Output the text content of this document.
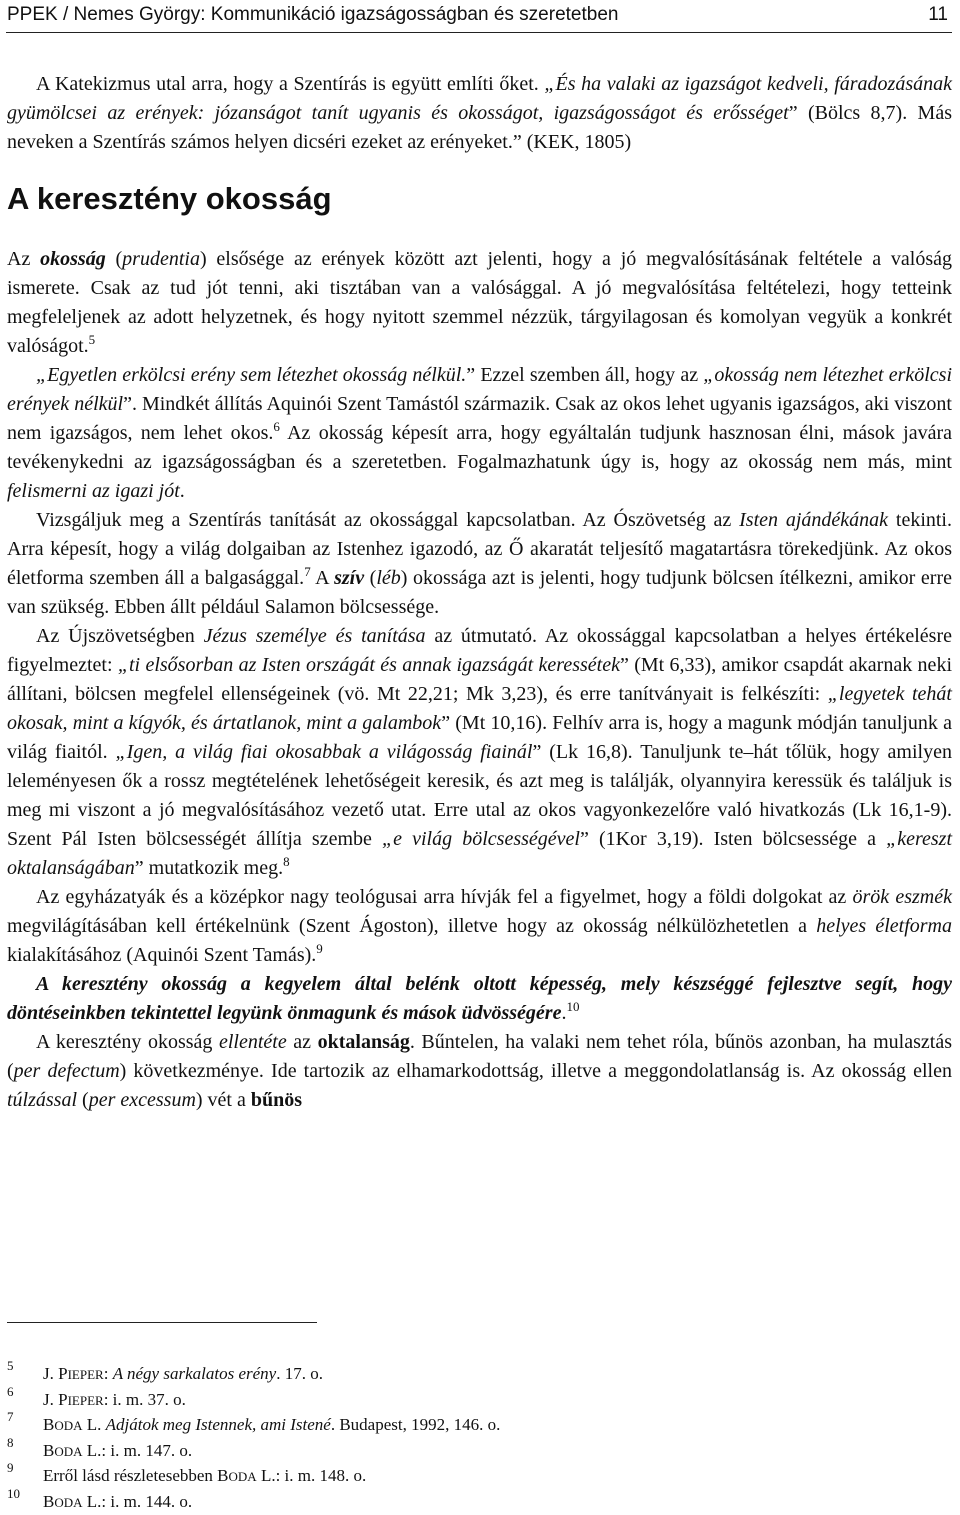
PPEK / Nemes György: Kommunikáció igazságosságban és szeretetben	11

A Katekizmus utal arra, hogy a Szentírás is együtt említi őket. „És ha valaki az igazságot kedveli, fáradozásának gyümölcsei az erények: józanságot tanít ugyanis és okosságot, igazságosságot és erősséget” (Bölcs 8,7). Más neveken a Szentírás számos helyen dicséri ezeket az erényeket.” (KEK, 1805)

A keresztény okosság

Az okosság (prudentia) elsősége az erények között azt jelenti, hogy a jó megvalósításának feltétele a valóság ismerete. Csak az tud jót tenni, aki tisztában van a valósággal. A jó megvalósítása feltételezi, hogy tetteink megfeleljenek az adott helyzetnek, és hogy nyitott szemmel nézzük, tárgyilagosan és komolyan vegyük a konkrét valóságot.$^5$

„Egyetlen erkölcsi erény sem létezhet okosság nélkül.” Ezzel szemben áll, hogy az „okosság nem létezhet erkölcsi erények nélkül”. Mindkét állítás Aquinói Szent Tamástól származik. Csak az okos lehet ugyanis igazságos, aki viszont nem igazságos, nem lehet okos.$^6$ Az okosság képesít arra, hogy egyáltalán tudjunk hasznosan élni, mások javára tevékenykedni az igazságosságban és a szeretetben. Fogalmazhatunk úgy is, hogy az okosság nem más, mint felismerni az igazi jót.

Vizsgáljuk meg a Szentírás tanítását az okossággal kapcsolatban. Az Ószövetség az Isten ajándékának tekinti. Arra képesít, hogy a világ dolgaiban az Istenhez igazodó, az Ő akaratát teljesítő magatartásra törekedjünk. Az okos életforma szemben áll a balgasággal.$^7$ A szív (léb) okossága azt is jelenti, hogy tudjunk bölcsen ítélkezni, amikor erre van szükség. Ebben állt például Salamon bölcsessége.

Az Újszövetségben Jézus személye és tanítása az útmutató. Az okossággal kapcsolatban a helyes értékelésre figyelmeztet: „ti elsősorban az Isten országát és annak igazságát keressétek” (Mt 6,33), amikor csapdát akarnak neki állítani, bölcsen megfelel ellenségeinek (vö. Mt 22,21; Mk 3,23), és erre tanítványait is felkészíti: „legyetek tehát okosak, mint a kígyók, és ártatlanok, mint a galambok” (Mt 10,16). Felhív arra is, hogy a magunk módján tanuljunk a világ fiaitól. „Igen, a világ fiai okosabbak a világosság fiainál” (Lk 16,8). Tanuljunk te–hát tőlük, hogy amilyen leleményesen ők a rossz megtételének lehetőségeit keresik, és azt meg is találják, olyannyira keressük és találjuk is meg mi viszont a jó megvalósításához vezető utat. Erre utal az okos vagyonkezelőre való hivatkozás (Lk 16,1-9). Szent Pál Isten bölcsességét állítja szembe „e világ bölcsességével” (1Kor 3,19). Isten bölcsessége a „kereszt oktalanságában” mutatkozik meg.$^8$

Az egyházatyák és a középkor nagy teológusai arra hívják fel a figyelmet, hogy a földi dolgokat az örök eszmék megvilágításában kell értékelnünk (Szent Ágoston), illetve hogy az okosság nélkülözhetetlen a helyes életforma kialakításához (Aquinói Szent Tamás).$^9$

A keresztény okosság a kegyelem által belénk oltott képesség, mely készséggé fejlesztve segít, hogy döntéseinkben tekintettel legyünk önmagunk és mások üdvösségére.$^{10}$

A keresztény okosság ellentéte az oktalanság. Bűntelen, ha valaki nem tehet róla, bűnös azonban, ha mulasztás (per defectum) következménye. Ide tartozik az elhamarkodottság, illetve a meggondolatlanság is. Az okosság ellen túlzással (per excessum) vét a bűnös

5 J. PIEPER: A négy sarkalatos erény. 17. o.
6 J. PIEPER: i. m. 37. o.
7 BODA L. Adjátok meg Istennek, ami Istené. Budapest, 1992, 146. o.
8 BODA L.: i. m. 147. o.
9 Erről lásd részletesebben BODA L.: i. m. 148. o.
10 BODA L.: i. m. 144. o.
